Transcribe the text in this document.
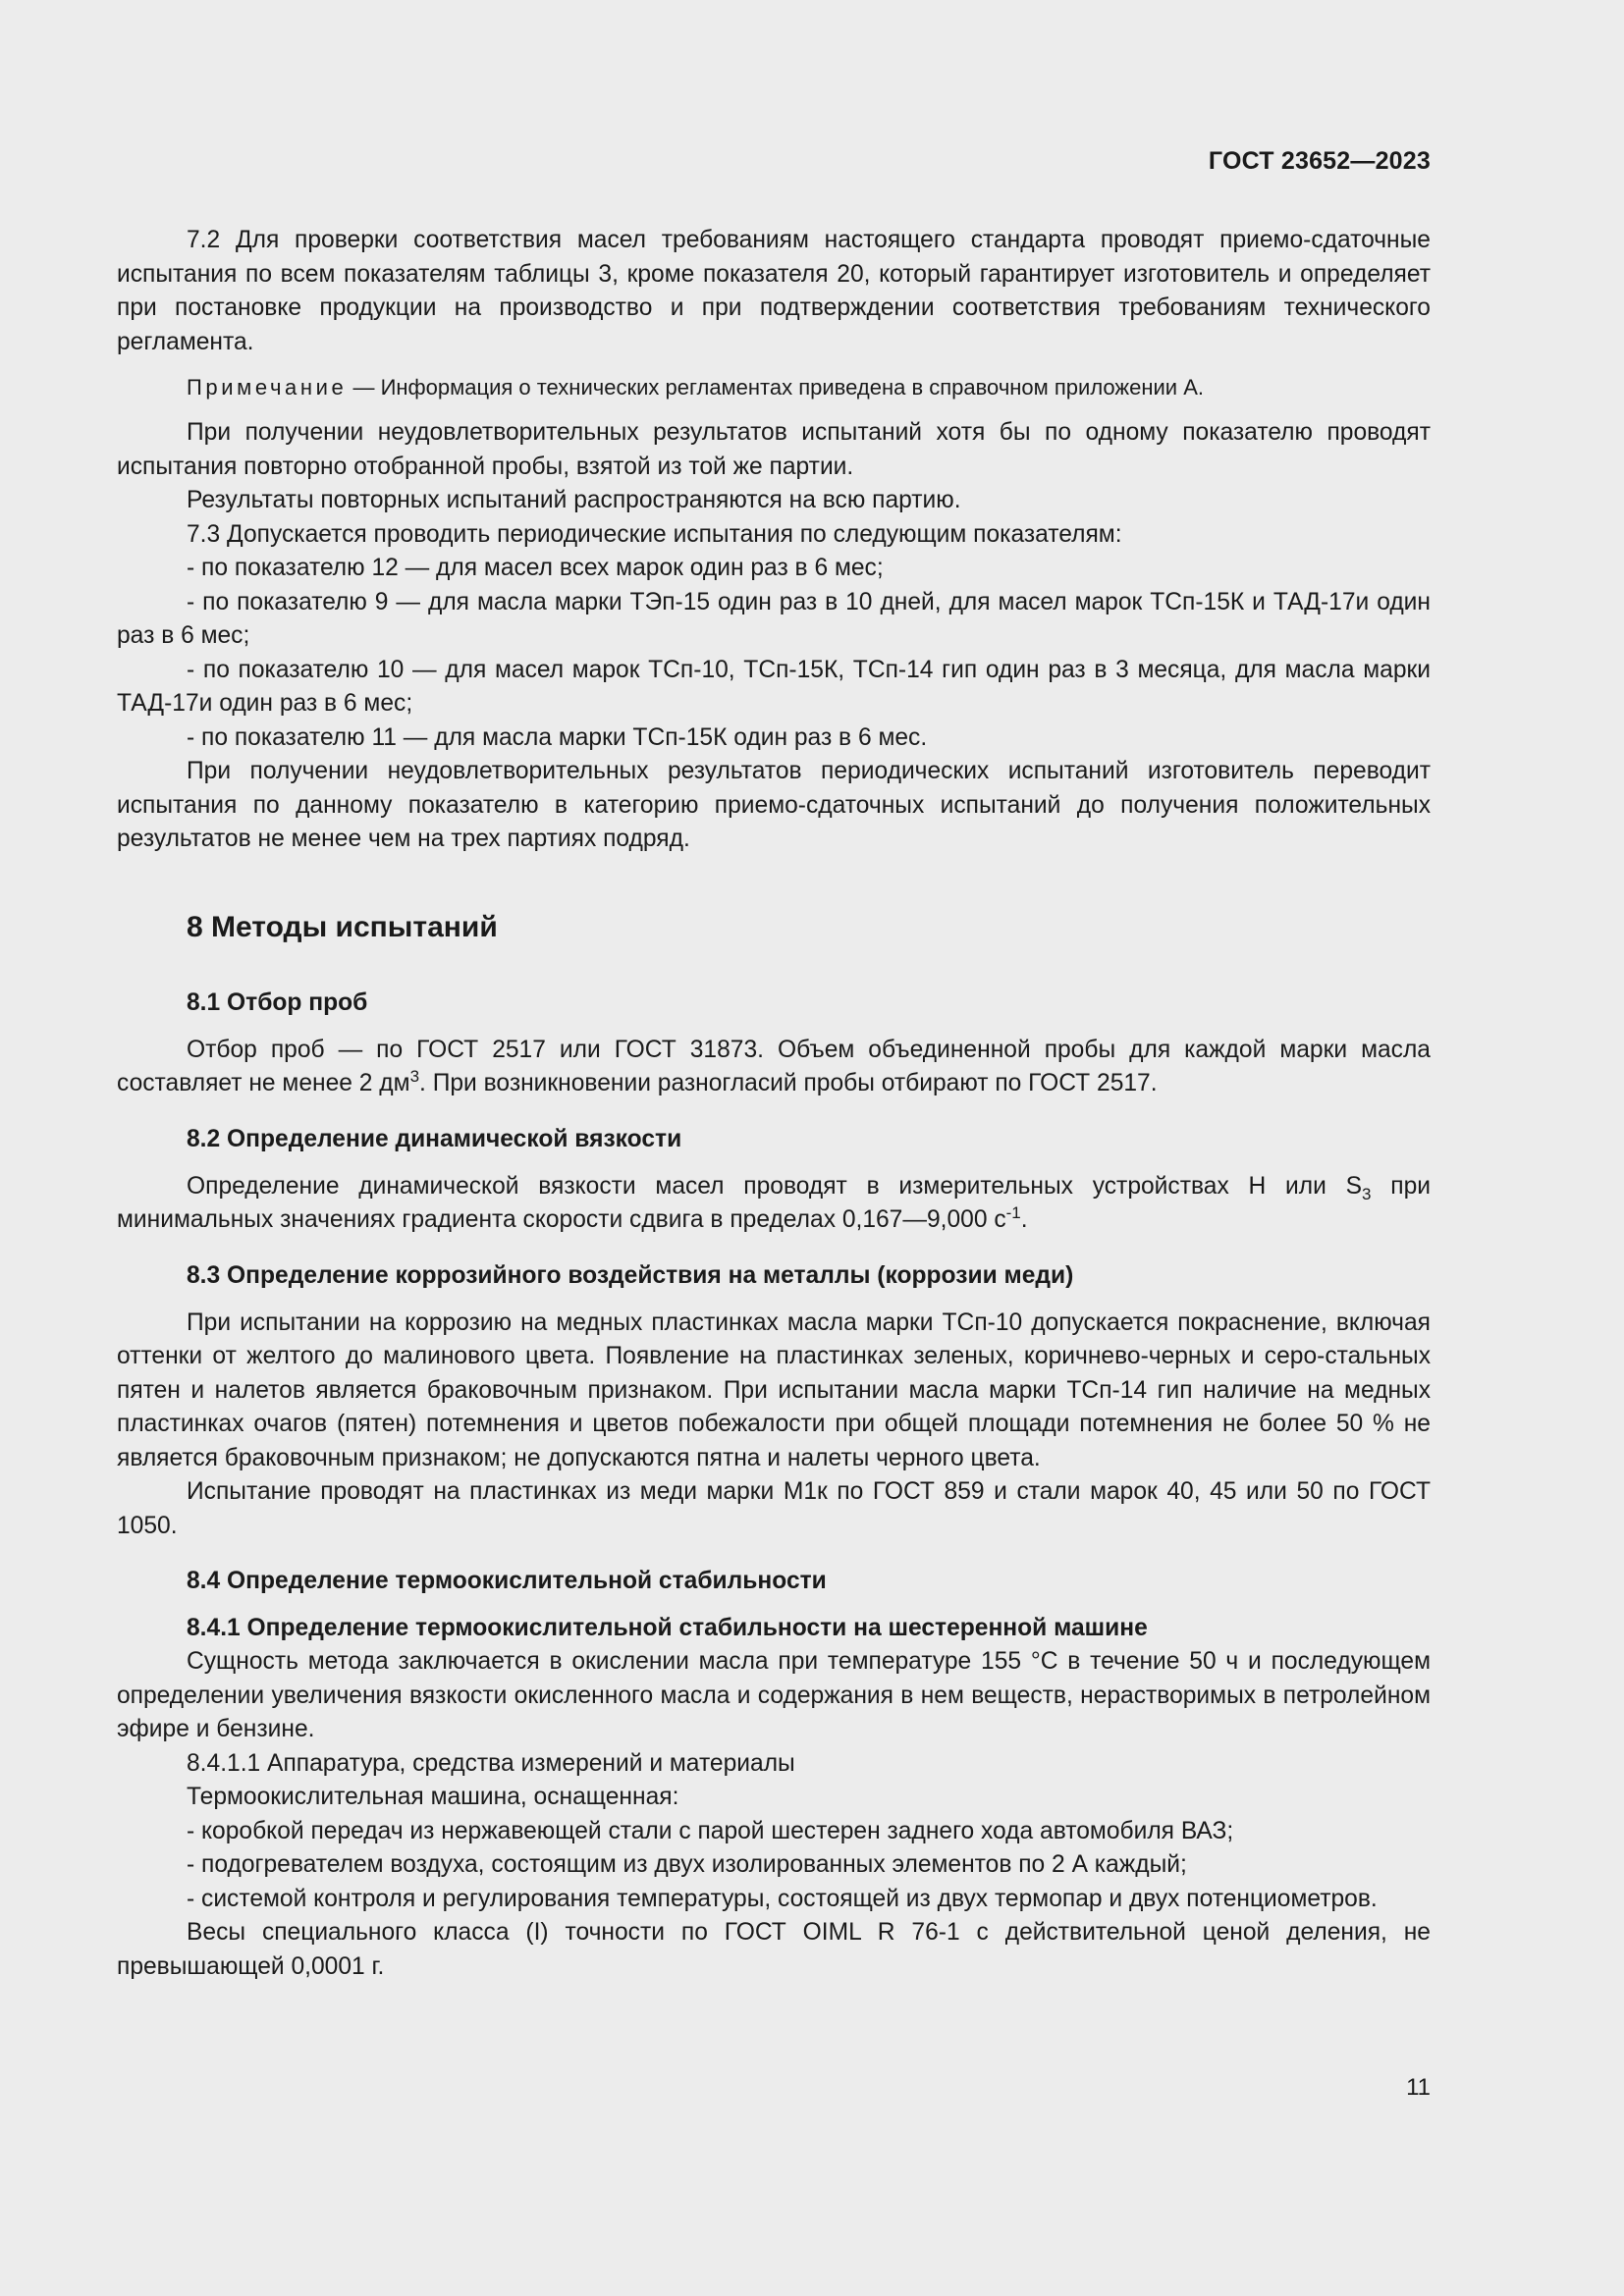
ГОСТ 23652—2023

7.2 Для проверки соответствия масел требованиям настоящего стандарта проводят приемо-сдаточные испытания по всем показателям таблицы 3, кроме показателя 20, который гарантирует изготовитель и определяет при постановке продукции на производство и при подтверждении соответствия требованиям технического регламента.

Примечание — Информация о технических регламентах приведена в справочном приложении А.

При получении неудовлетворительных результатов испытаний хотя бы по одному показателю проводят испытания повторно отобранной пробы, взятой из той же партии.

Результаты повторных испытаний распространяются на всю партию.

7.3 Допускается проводить периодические испытания по следующим показателям:

- по показателю 12 — для масел всех марок один раз в 6 мес;

- по показателю 9 — для масла марки ТЭп-15 один раз в 10 дней, для масел марок ТСп-15К и ТАД-17и один раз в 6 мес;

- по показателю 10 — для масел марок ТСп-10, ТСп-15К, ТСп-14 гип один раз в 3 месяца, для масла марки ТАД-17и один раз в 6 мес;

- по показателю 11 — для масла марки ТСп-15К один раз в 6 мес.

При получении неудовлетворительных результатов периодических испытаний изготовитель переводит испытания по данному показателю в категорию приемо-сдаточных испытаний до получения положительных результатов не менее чем на трех партиях подряд.

8 Методы испытаний
8.1 Отбор проб

Отбор проб — по ГОСТ 2517 или ГОСТ 31873. Объем объединенной пробы для каждой марки масла составляет не менее 2 $дм^3$. При возникновении разногласий пробы отбирают по ГОСТ 2517.

8.2 Определение динамической вязкости

Определение динамической вязкости масел проводят в измерительных устройствах Н или $S_3$ при минимальных значениях градиента скорости сдвига в пределах 0,167—9,000 $с^{-1}$.

8.3 Определение коррозийного воздействия на металлы (коррозии меди)

При испытании на коррозию на медных пластинках масла марки ТСп-10 допускается покраснение, включая оттенки от желтого до малинового цвета. Появление на пластинках зеленых, коричнево-черных и серо-стальных пятен и налетов является браковочным признаком. При испытании масла марки ТСп-14 гип наличие на медных пластинках очагов (пятен) потемнения и цветов побежалости при общей площади потемнения не более 50 % не является браковочным признаком; не допускаются пятна и налеты черного цвета.

Испытание проводят на пластинках из меди марки М1к по ГОСТ 859 и стали марок 40, 45 или 50 по ГОСТ 1050.

8.4 Определение термоокислительной стабильности
8.4.1 Определение термоокислительной стабильности на шестеренной машине

Сущность метода заключается в окислении масла при температуре 155 °С в течение 50 ч и последующем определении увеличения вязкости окисленного масла и содержания в нем веществ, нерастворимых в петролейном эфире и бензине.

8.4.1.1 Аппаратура, средства измерений и материалы

Термоокислительная машина, оснащенная:

- коробкой передач из нержавеющей стали с парой шестерен заднего хода автомобиля ВАЗ;

- подогревателем воздуха, состоящим из двух изолированных элементов по 2 А каждый;

- системой контроля и регулирования температуры, состоящей из двух термопар и двух потенциометров.

Весы специального класса (I) точности по ГОСТ OIML R 76-1 с действительной ценой деления, не превышающей 0,0001 г.

11
